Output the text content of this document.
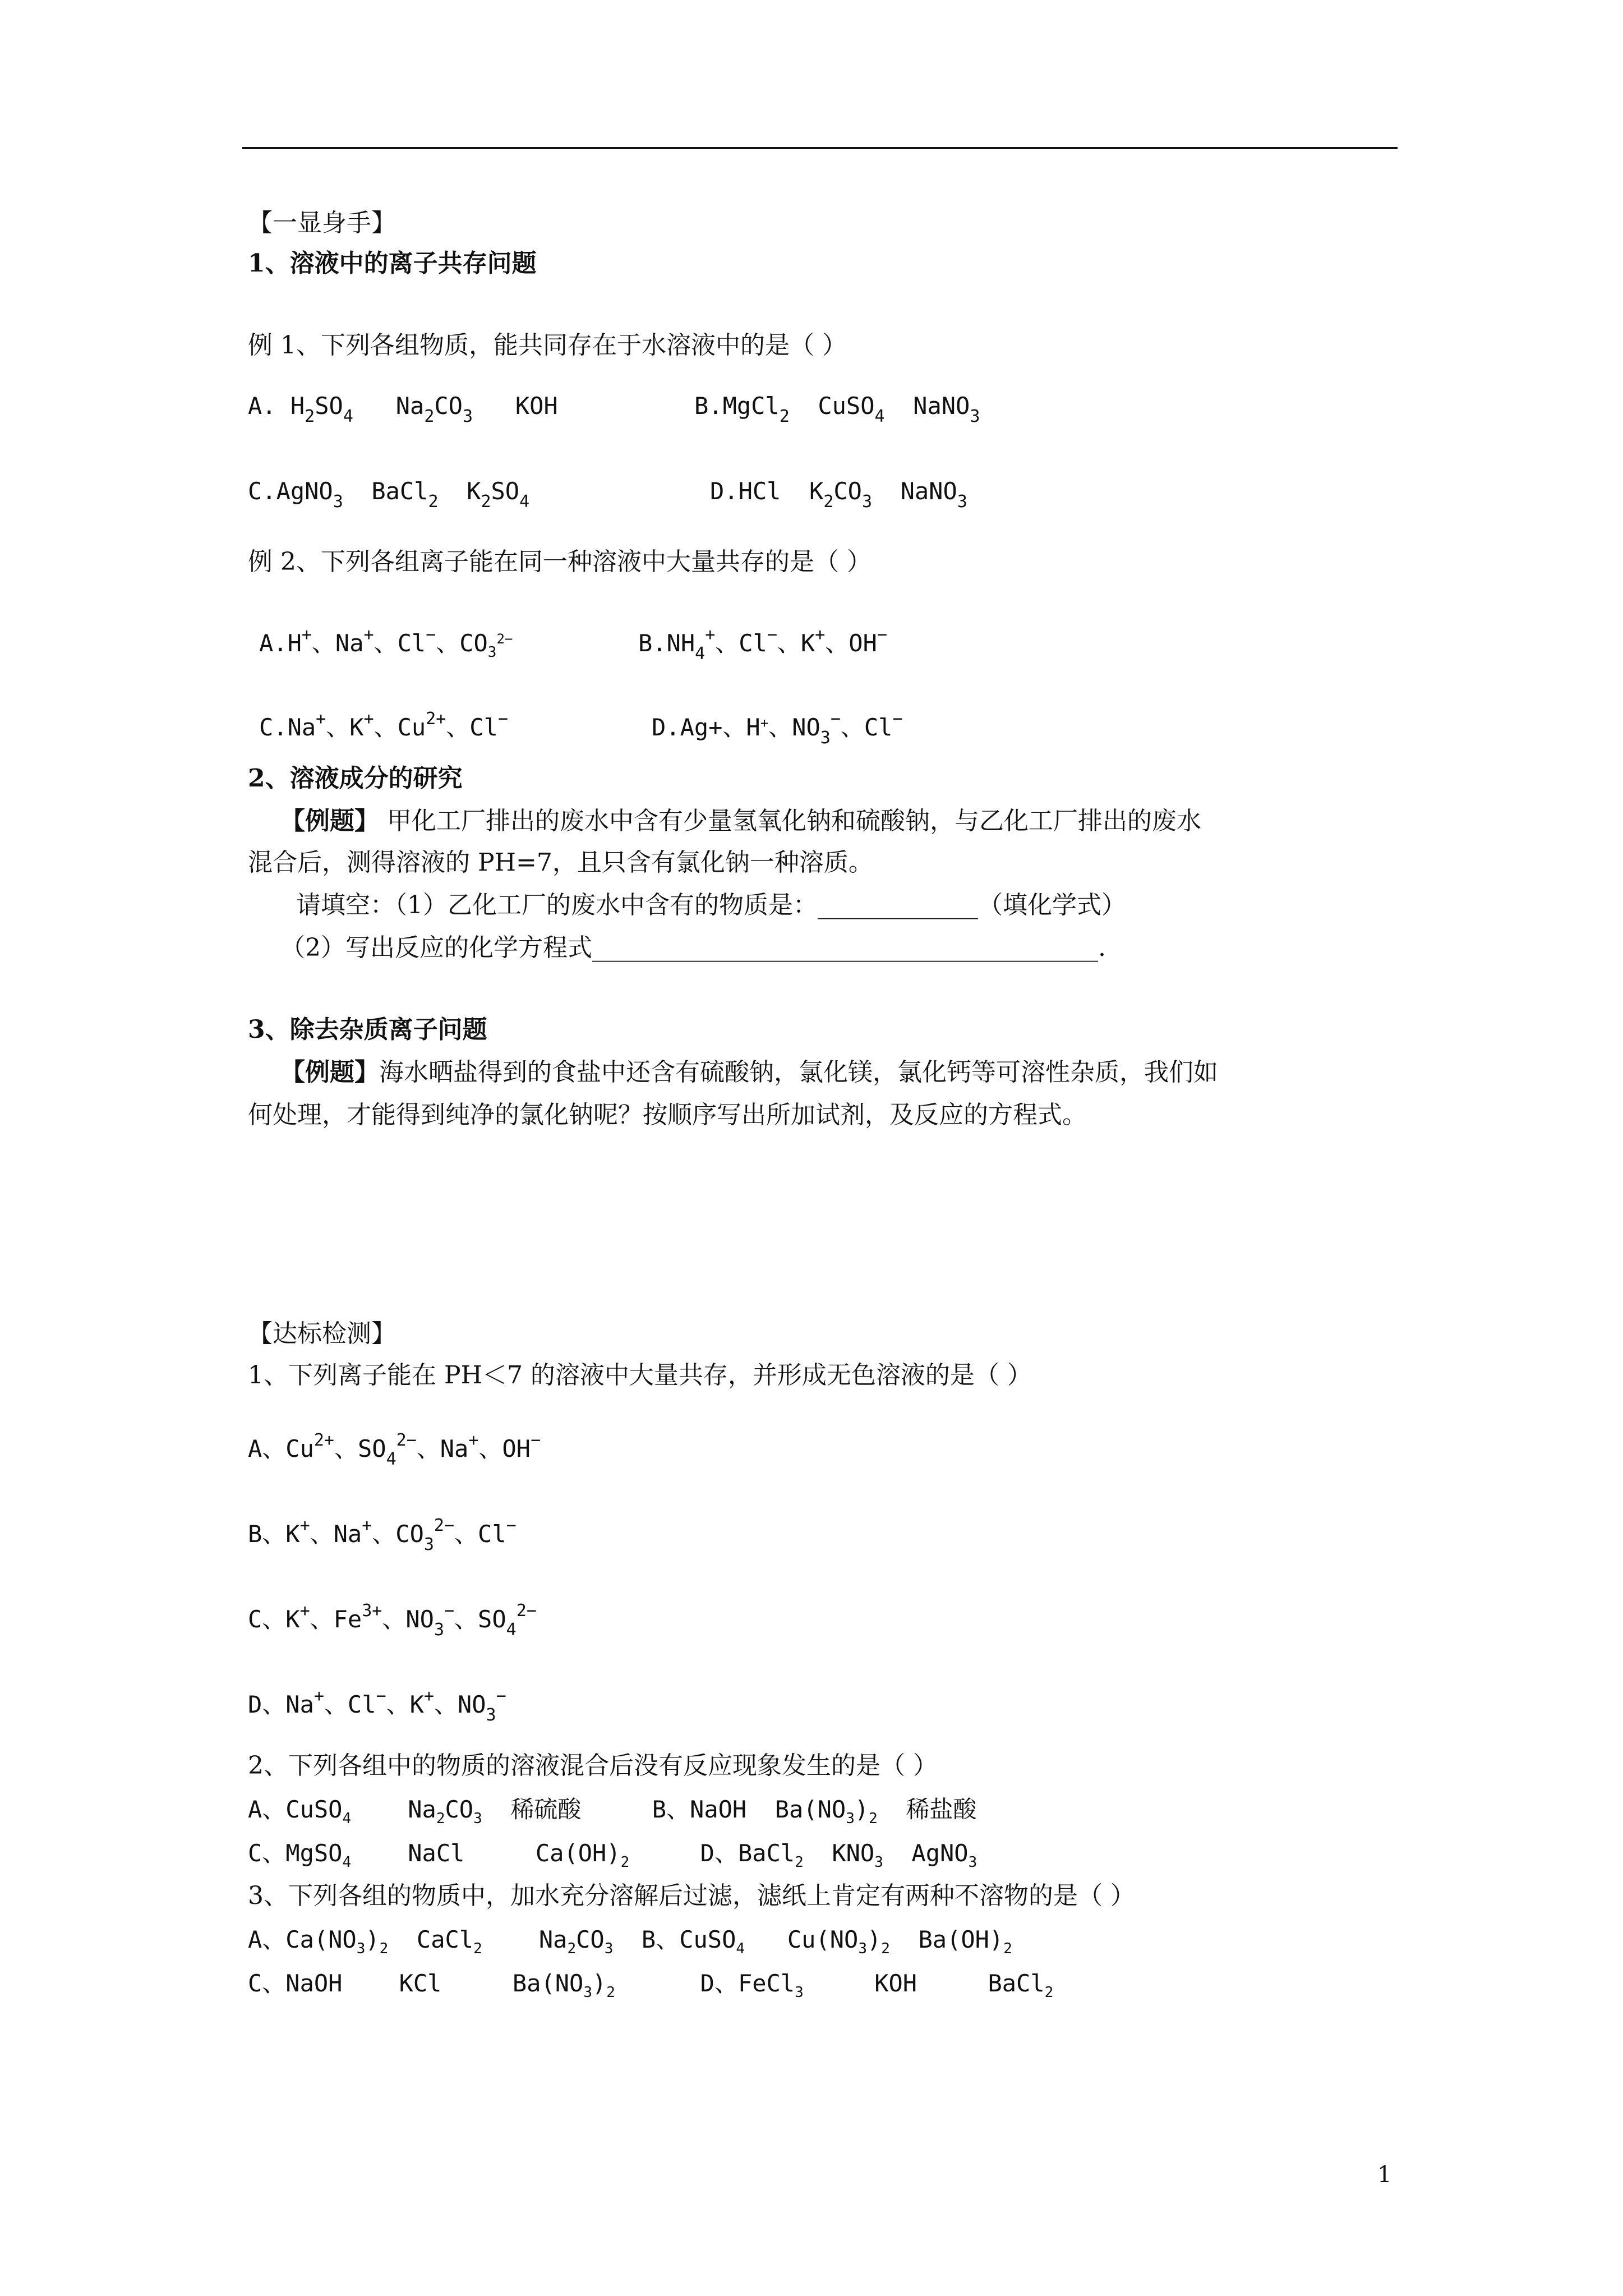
【一显身手】
1、溶液中的离子共存问题
例 1、下列各组物质，能共同存在于水溶液中的是（ ）
A. $H_2SO_4$ $Na_2CO_3$ KOH	B.MgCl$_2$ CuSO$_4$ NaNO$_3$
C.AgNO$_3$ BaCl$_2$ $K_2SO_4$	D.HCl $K_2CO_3$ NaNO$_3$
例 2、下列各组离子能在同一种溶液中大量共存的是（ ）
A.H+、Na+、Cl−、$CO_3^{2-}$	$B.NH_4^+$、Cl−、K+、OH−
C.Na+、K+、$Cu^{2+}$、Cl−	D.Ag+、H+、$NO_3^-$、Cl−
2、溶液成分的研究
【例题】 甲化工厂排出的废水中含有少量氢氧化钠和硫酸钠，与乙化工厂排出的废水
混合后，测得溶液的 PH=7，且只含有氯化钠一种溶质。
请填空：（1）乙化工厂的废水中含有的物质是：_____________（填化学式）
（2）写出反应的化学方程式_________________________________________.
3、除去杂质离子问题
【例题】海水晒盐得到的食盐中还含有硫酸钠，氯化镁，氯化钙等可溶性杂质，我们如
何处理，才能得到纯净的氯化钠呢？按顺序写出所加试剂，及反应的方程式。
【达标检测】
1、下列离子能在 PH＜7 的溶液中大量共存，并形成无色溶液的是（ ）
A、$Cu^{2+}$、$SO_4^{2-}$、Na+、OH−
B、K+、Na+、$CO_3^{2-}$、Cl−
C、K+、$Fe^{3+}$、$NO_3^-$、$SO_4^{2-}$
D、Na+、Cl−、K+、$NO_3^-$
2、下列各组中的物质的溶液混合后没有反应现象发生的是（ ）
A、CuSO$_4$ $Na_2CO_3$ 稀硫酸	B、NaOH $Ba(NO_3)_2$ 稀盐酸
C、MgSO$_4$ NaCl	$Ca(OH)_2$	D、BaCl$_2$ $KNO_3$ AgNO$_3$
3、下列各组的物质中，加水充分溶解后过滤，滤纸上肯定有两种不溶物的是（ ）
A、$Ca(NO_3)_2$ CaCl$_2$ $Na_2CO_3$ B、CuSO$_4$ $Cu(NO_3)_2$ $Ba(OH)_2$
C、NaOH KCl	$Ba(NO_3)_2$	D、FeCl$_3$	KOH	BaCl$_2$
1
